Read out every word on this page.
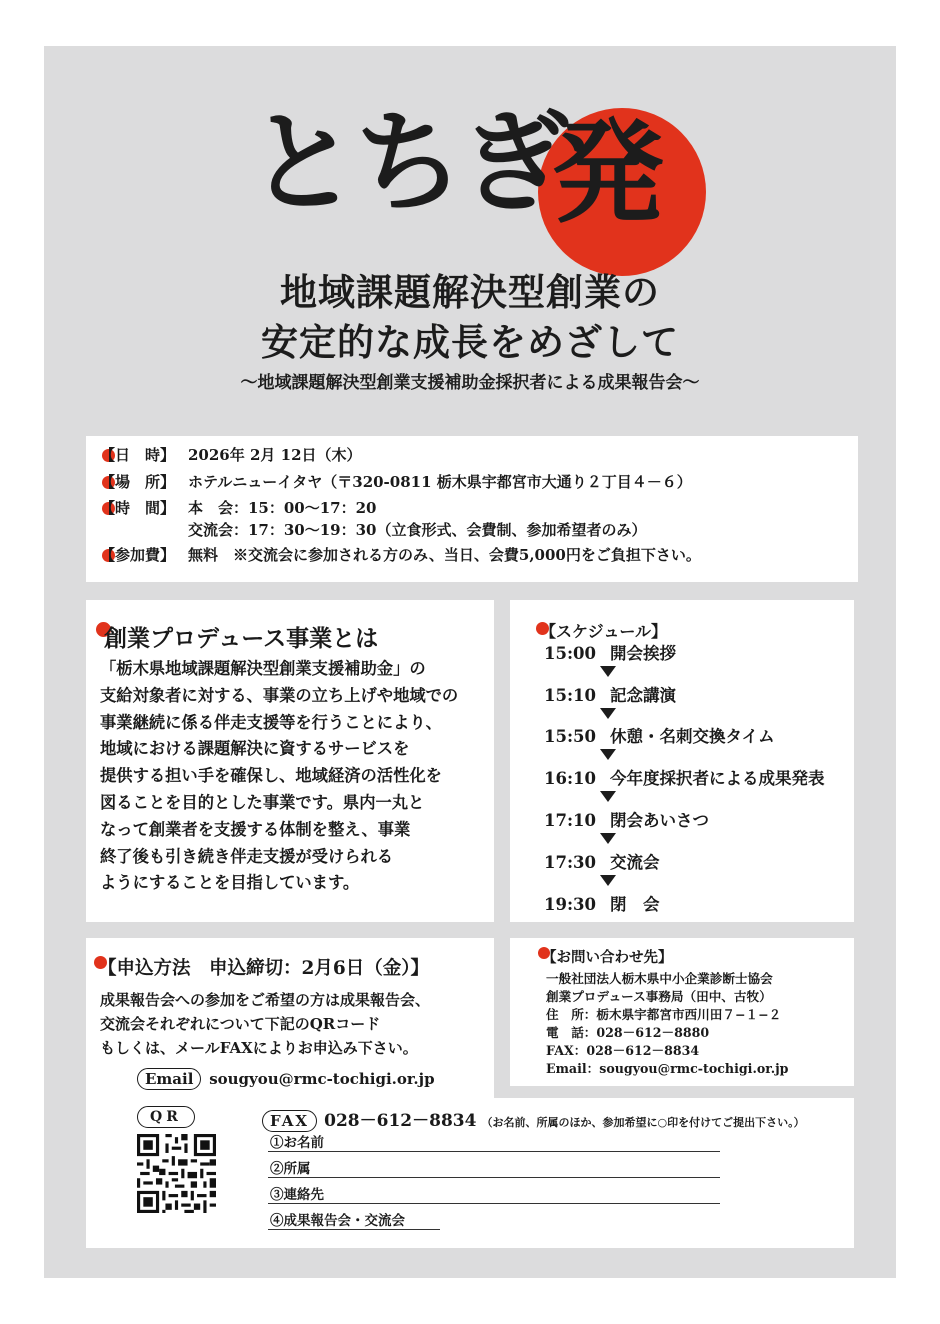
とちぎ
発
地域課題解決型創業の
安定的な成長をめざして
～地域課題解決型創業支援補助金採択者による成果報告会～
【日　時】 2026年 2月 12日（木）
【場　所】 ホテルニューイタヤ（〒320-0811 栃木県宇都宮市大通り２丁目４－６）
【時　間】 本　会：15：00～17：20
交流会：17：30～19：30（立食形式、会費制、参加希望者のみ）
【参加費】 無料　※交流会に参加される方のみ、当日、会費5,000円をご負担下さい。
創業プロデュース事業とは
「栃木県地域課題解決型創業支援補助金」の
支給対象者に対する、事業の立ち上げや地域での
事業継続に係る伴走支援等を行うことにより、
地域における課題解決に資するサービスを
提供する担い手を確保し、地域経済の活性化を
図ることを目的とした事業です。県内一丸と
なって創業者を支援する体制を整え、事業
終了後も引き続き伴走支援が受けられる
ようにすることを目指しています。
【スケジュール】
15:00 開会挨拶
15:10 記念講演
15:50 休憩・名刺交換タイム
16:10 今年度採択者による成果発表
17:10 閉会あいさつ
17:30 交流会
19:30 閉　会
【お問い合わせ先】
一般社団法人栃木県中小企業診断士協会
創業プロデュース事務局（田中、古牧）
住　所：栃木県宇都宮市西川田７−１−２
電　話：028－612－8880
FAX：028－612－8834
Email：sougyou@rmc-tochigi.or.jp
【申込方法　申込締切：2月6日（金）】
成果報告会への参加をご希望の方は成果報告会、
交流会それぞれについて下記のQRコード
もしくは、メールFAXによりお申込み下さい。
Email sougyou@rmc-tochigi.or.jp
QR	FAX 028－612－8834 （お名前、所属のほか、参加希望に○印を付けてご提出下さい。）
①お名前
②所属
③連絡先
④成果報告会・交流会
